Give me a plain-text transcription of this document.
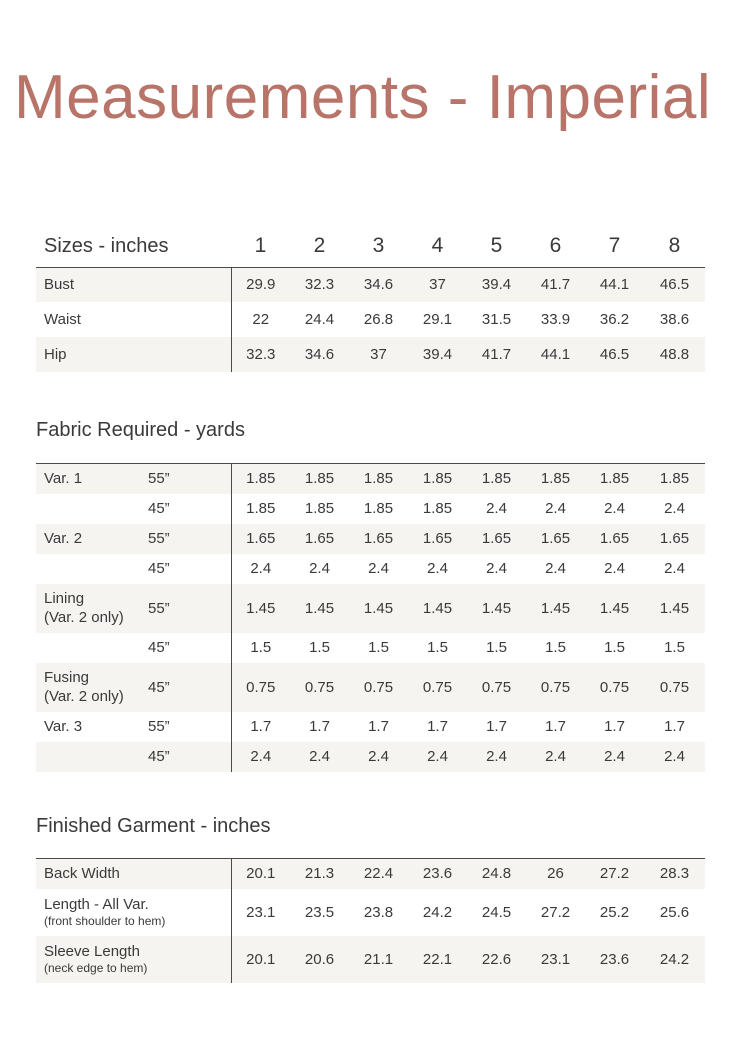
Measurements - Imperial
Sizes - inches	1	2	3	4	5	6	7	8
Bust	29.9	32.3	34.6	37	39.4	41.7	44.1	46.5
Waist	22	24.4	26.8	29.1	31.5	33.9	36.2	38.6
Hip	32.3	34.6	37	39.4	41.7	44.1	46.5	48.8
Fabric Required - yards
Var. 1	55”	1.85	1.85	1.85	1.85	1.85	1.85	1.85	1.85
	45”	1.85	1.85	1.85	1.85	2.4	2.4	2.4	2.4

Var. 2	55”	1.65	1.65	1.65	1.65	1.65	1.65	1.65	1.65
	45”	2.4	2.4	2.4	2.4	2.4	2.4	2.4	2.4

Lining
(Var. 2 only)	55”	1.45	1.45	1.45	1.45	1.45	1.45	1.45	1.45
	45”	1.5	1.5	1.5	1.5	1.5	1.5	1.5	1.5

Fusing
(Var. 2 only)	45”	0.75	0.75	0.75	0.75	0.75	0.75	0.75	0.75

Var. 3	55”	1.7	1.7	1.7	1.7	1.7	1.7	1.7	1.7
	45”	2.4	2.4	2.4	2.4	2.4	2.4	2.4	2.4
Finished Garment - inches
Back Width	20.1	21.3	22.4	23.6	24.8	26	27.2	28.3

Length - All Var.
(front shoulder to hem)	23.1	23.5	23.8	24.2	24.5	27.2	25.2	25.6

Sleeve Length
(neck edge to hem)	20.1	20.6	21.1	22.1	22.6	23.1	23.6	24.2
